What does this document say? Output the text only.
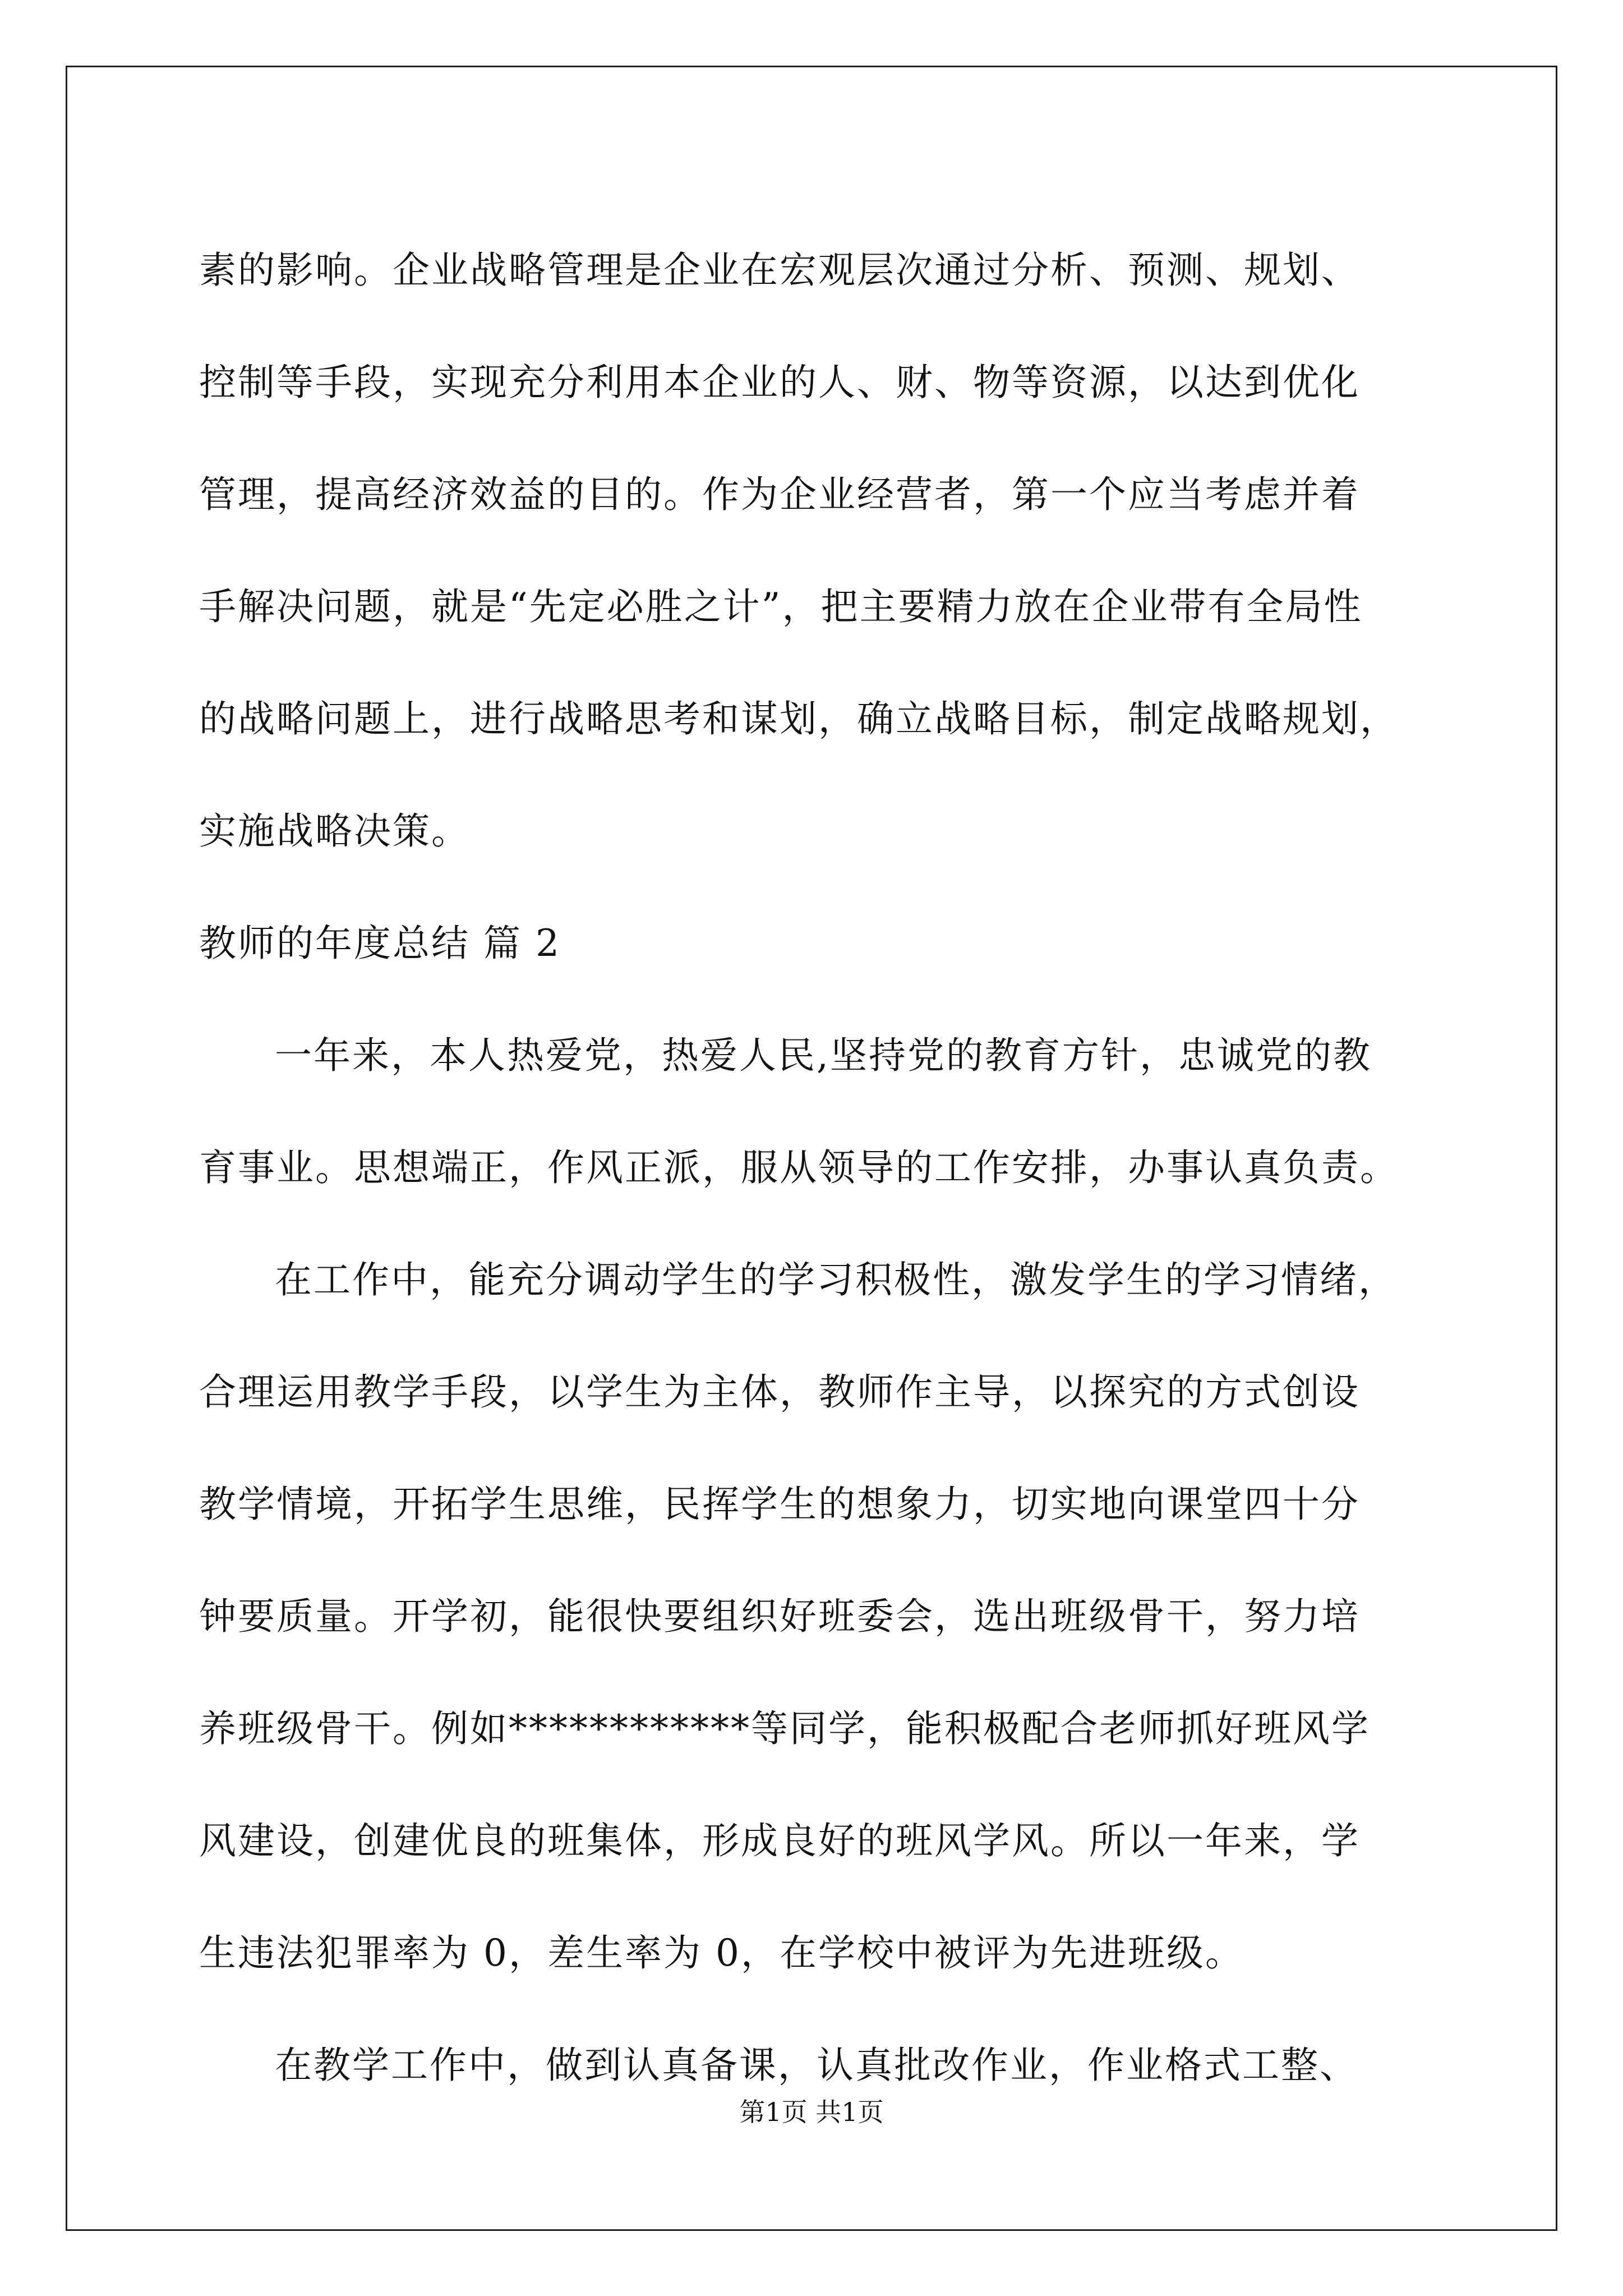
素的影响。企业战略管理是企业在宏观层次通过分析、预测、规划、
控制等手段，实现充分利用本企业的人、财、物等资源，以达到优化
管理，提高经济效益的目的。作为企业经营者，第一个应当考虑并着
手解决问题，就是“先定必胜之计”，把主要精力放在企业带有全局性
的战略问题上，进行战略思考和谋划，确立战略目标，制定战略规划，
实施战略决策。
教师的年度总结 篇 2
一年来，本人热爱党，热爱人民,坚持党的教育方针，忠诚党的教
育事业。思想端正，作风正派，服从领导的工作安排，办事认真负责。
在工作中，能充分调动学生的学习积极性，激发学生的学习情绪，
合理运用教学手段，以学生为主体，教师作主导，以探究的方式创设
教学情境，开拓学生思维，民挥学生的想象力，切实地向课堂四十分
钟要质量。开学初，能很快要组织好班委会，选出班级骨干，努力培
养班级骨干。例如************等同学，能积极配合老师抓好班风学
风建设，创建优良的班集体，形成良好的班风学风。所以一年来，学
生违法犯罪率为 0，差生率为 0，在学校中被评为先进班级。
在教学工作中，做到认真备课，认真批改作业，作业格式工整、
第1页 共1页
